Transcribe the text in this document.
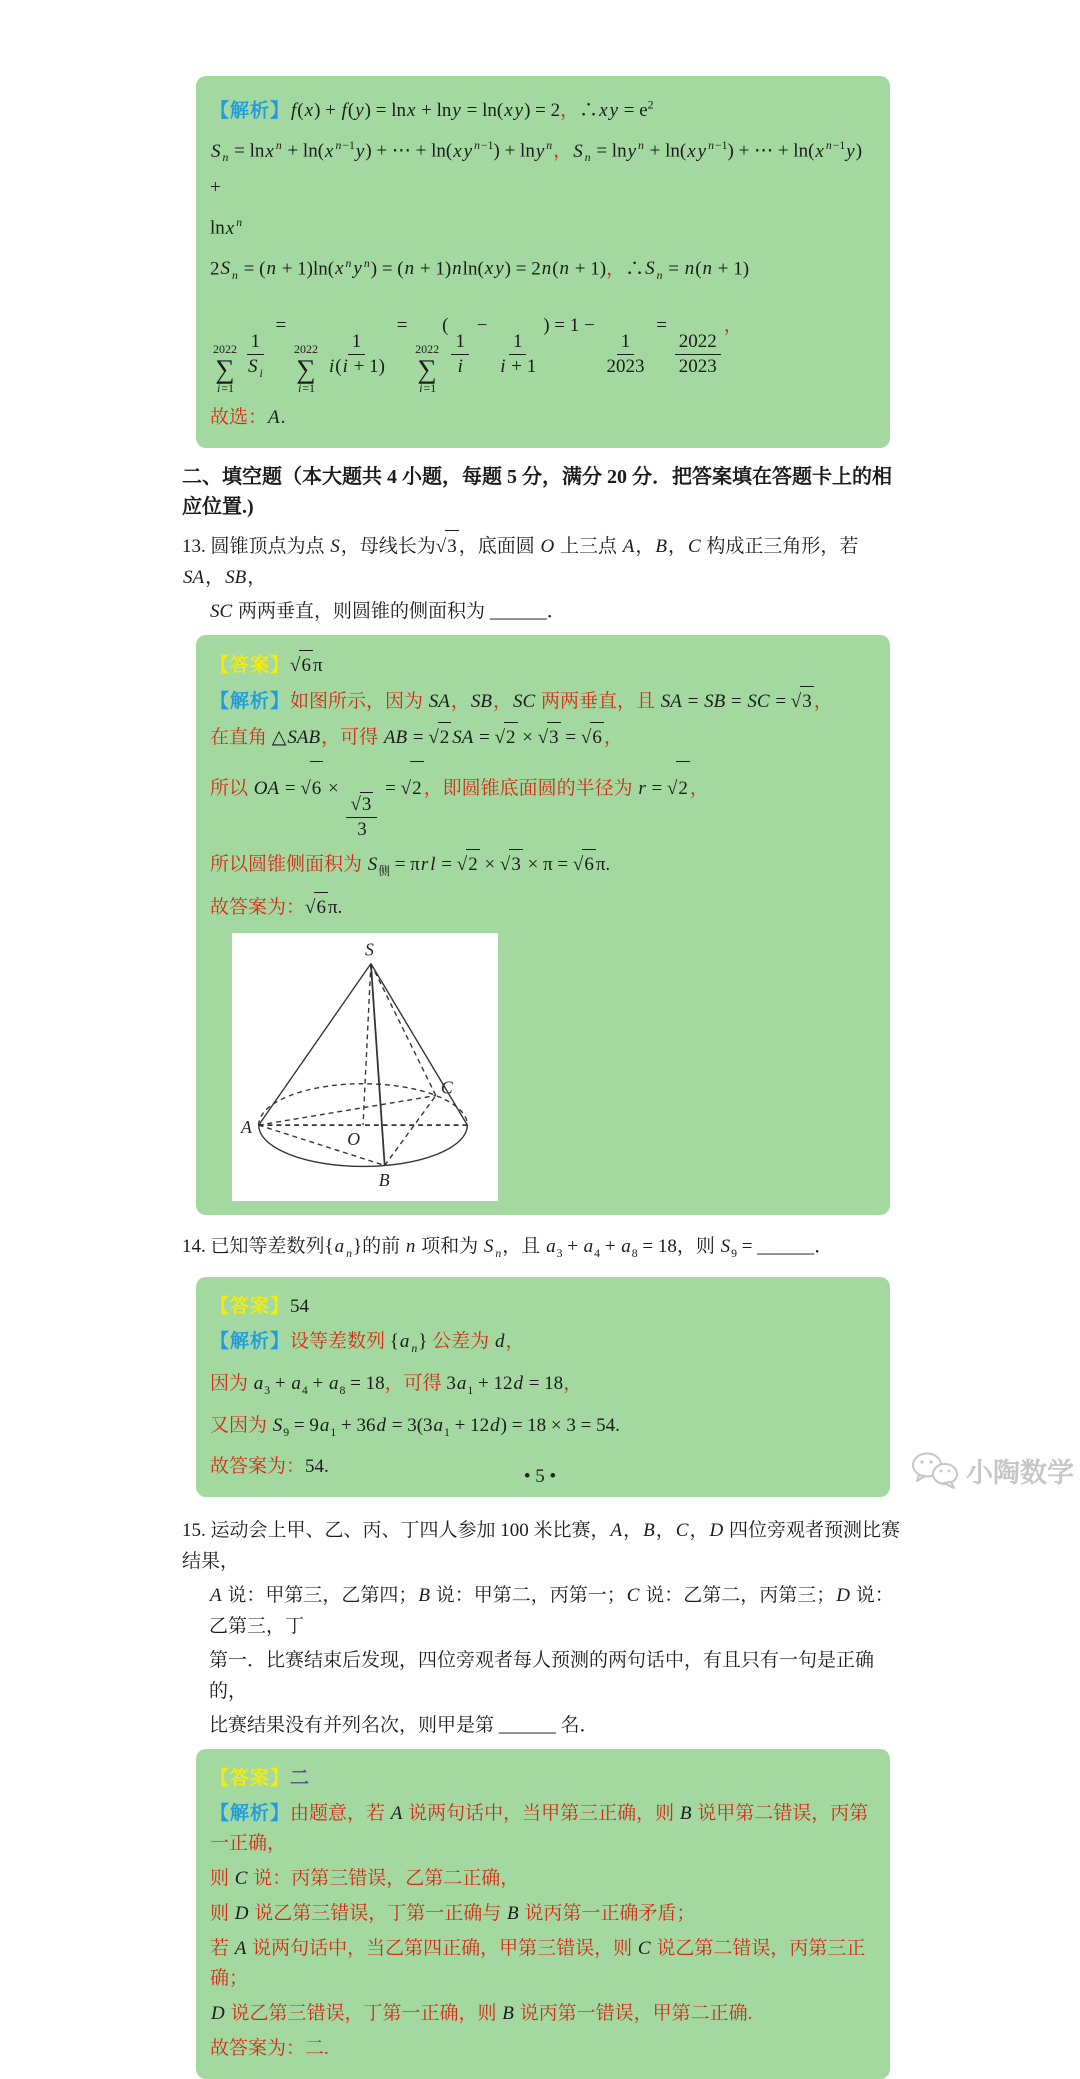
【解析】f(x) + f(y) = lnx + lny = ln(x y) = 2，∴x $y = e^2$
S $_n$ = lnx $^n$ + ln(x $^{n-1}$y) + ⋯ + ln(x y $^{n-1}$) + lny $^n$，S $_n$ = lny $^n$ + ln(x y $^{n-1}$) + ⋯ + ln(x $^{n-1}$y) +
lnx $^n$
2S $_n$ = (n + 1)ln(x $^n$ y $^n$) = (n + 1)nln(x y) = 2n(n + 1)，∴S $_n$ = n(n + 1)
2022
∑
i=1
$\frac{1}{S _i}$
=
2022
∑
i=1
$\frac{1}{i(i + 1)}$
=
2022
∑
i=1
(
$\frac{1}{i}$
−
$\frac{1}{i + 1}$
) = 1 −
$\frac{1}{2023}$
=
$\frac{2022}{2023}$
，
故选：A.
二、填空题（本大题共 4 小题，每题 5 分，满分 20 分．把答案填在答题卡上的相应位置.)
13. 圆锥顶点为点 S，母线长为√3 ，底面圆 O 上三点 A，B，C 构成正三角形，若 SA，SB，
SC 两两垂直，则圆锥的侧面积为 ______．
【答案】√6 π
【解析】如图所示，因为 SA，SB，SC 两两垂直，且 SA = SB = SC = √3 ，
在直角 △SAB，可得 AB = √2 SA = √2 × √3 = √6 ，
所以 OA = √6 ×
$\frac{√3}{3}$
= √2 ，即圆锥底面圆的半径为 r = √2 ，
所以圆锥侧面积为 $S_侧 = \pi r$ l = √2 × √3 × π = √6 π.
故答案为：√6 π.
S
A
B
C
O
14. 已知等差数列{a $_n$}的前 n 项和为 S $_n$，且 $a_3 + a_4 + a_8 = 18$，则 $S_9$ = ______．
【答案】54
【解析】设等差数列 {a $_n$} 公差为 d，
因为 $a_3 + a_4 + a_8 = 18$，可得 $3a_1 + 12d = 18$，
又因为 $S_9 = 9a_1 + 36d = 3(3a_1 + 12d) = 18 \times 3 = 54$.
故答案为：54.
15. 运动会上甲、乙、丙、丁四人参加 100 米比赛，A，B，C，D 四位旁观者预测比赛结果，
A 说：甲第三，乙第四；B 说：甲第二，丙第一；C 说：乙第二，丙第三；D 说：乙第三，丁
第一．比赛结束后发现，四位旁观者每人预测的两句话中，有且只有一句是正确的，
比赛结果没有并列名次，则甲是第 ______ 名．
【答案】二
【解析】由题意，若 A 说两句话中，当甲第三正确，则 B 说甲第二错误，丙第一正确，
则 C 说：丙第三错误，乙第二正确，
则 D 说乙第三错误，丁第一正确与 B 说丙第一正确矛盾；
若 A 说两句话中，当乙第四正确，甲第三错误，则 C 说乙第二错误，丙第三正确；
D 说乙第三错误，丁第一正确，则 B 说丙第一错误，甲第二正确.
故答案为：二.
• 5 •	小陶数学
